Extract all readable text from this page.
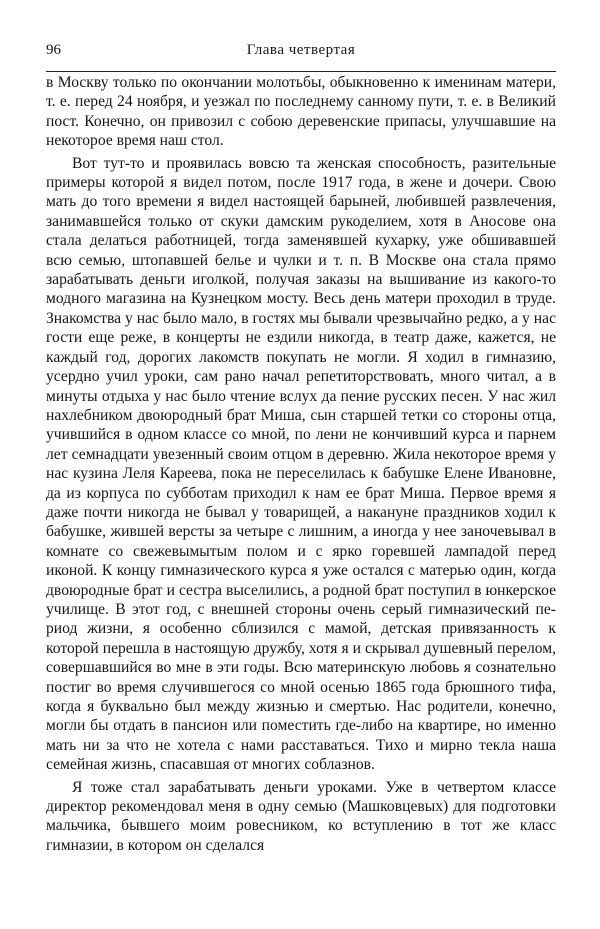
96	Глава четвертая

в Москву только по окончании молотьбы, обыкновенно к именинам матери, т. е. перед 24 ноября, и уезжал по последнему санному пути, т. е. в Великий пост. Конечно, он привозил с собою деревенские припасы, улучшавшие на некоторое время наш стол.

Вот тут-то и проявилась вовсю та женская способность, разительные примеры которой я видел потом, после 1917 года, в жене и дочери. Свою мать до того времени я видел настоящей барыней, любившей развлечения, занимавшейся только от скуки дамским рукоделием, хотя в Аносове она стала делаться работницей, тогда заменявшей кухарку, уже обшивавшей всю семью, штопавшей белье и чулки и т. п. В Москве она стала прямо зарабатывать деньги иголкой, получая заказы на вышивание из какого-то модного магазина на Кузнецком мосту. Весь день матери проходил в труде. Знакомства у нас было мало, в гостях мы бывали чрезвычайно редко, а у нас гости еще реже, в концерты не ездили никогда, в театр даже, кажется, не каждый год, дорогих лакомств покупать не могли. Я ходил в гимназию, усердно учил уроки, сам рано начал репетиторствовать, много читал, а в минуты отдыха у нас было чтение вслух да пение русских песен. У нас жил нахлебником двоюродный брат Миша, сын старшей тетки со стороны отца, учившийся в одном классе со мной, по лени не кончивший курса и парнем лет семнадцати увезенный своим отцом в деревню. Жила некоторое время у нас кузина Леля Кареева, пока не переселилась к бабушке Елене Ивановне, да из корпуса по субботам приходил к нам ее брат Миша. Первое время я даже почти никогда не бывал у товарищей, а накануне праздников ходил к бабушке, жившей версты за четыре с лишним, а иногда у нее заночевывал в комнате со свежевымытым полом и с ярко горевшей лампадой перед иконой. К концу гимназического курса я уже остался с матерью один, когда двоюродные брат и сестра выселились, а родной брат поступил в юнкерское училище. В этот год, с внешней стороны очень серый гимназический период жизни, я особенно сблизился с мамой, детская привязанность к которой перешла в настоящую дружбу, хотя я и скрывал душевный перелом, совершавшийся во мне в эти годы. Всю материнскую любовь я сознательно постиг во время случившегося со мной осенью 1865 года брюшного тифа, когда я буквально был между жизнью и смертью. Нас родители, конечно, могли бы отдать в пансион или поместить где-либо на квартире, но именно мать ни за что не хотела с нами расставаться. Тихо и мирно текла наша семейная жизнь, спасавшая от многих соблазнов.

Я тоже стал зарабатывать деньги уроками. Уже в четвертом классе директор рекомендовал меня в одну семью (Машковцевых) для подготовки мальчика, бывшего моим ровесником, ко вступлению в тот же класс гимназии, в котором он сделался
